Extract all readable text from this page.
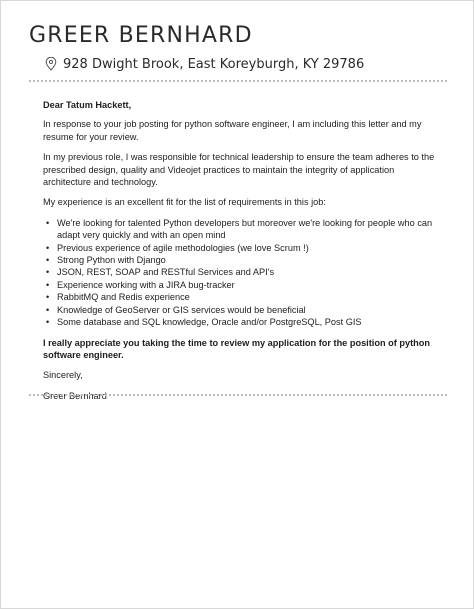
GREER BERNHARD
928 Dwight Brook, East Koreyburgh, KY 29786

Dear Tatum Hackett,

In response to your job posting for python software engineer, I am including this letter and my resume for your review.

In my previous role, I was responsible for technical leadership to ensure the team adheres to the prescribed design, quality and Videojet practices to maintain the integrity of application architecture and technology.

My experience is an excellent fit for the list of requirements in this job:

• We're looking for talented Python developers but moreover we're looking for people who can adapt very quickly and with an open mind
• Previous experience of agile methodologies (we love Scrum !)
• Strong Python with Django
• JSON, REST, SOAP and RESTful Services and API's
• Experience working with a JIRA bug-tracker
• RabbitMQ and Redis experience
• Knowledge of GeoServer or GIS services would be beneficial
• Some database and SQL knowledge, Oracle and/or PostgreSQL, Post GIS

I really appreciate you taking the time to review my application for the position of python software engineer.

Sincerely,

Greer Bernhard
